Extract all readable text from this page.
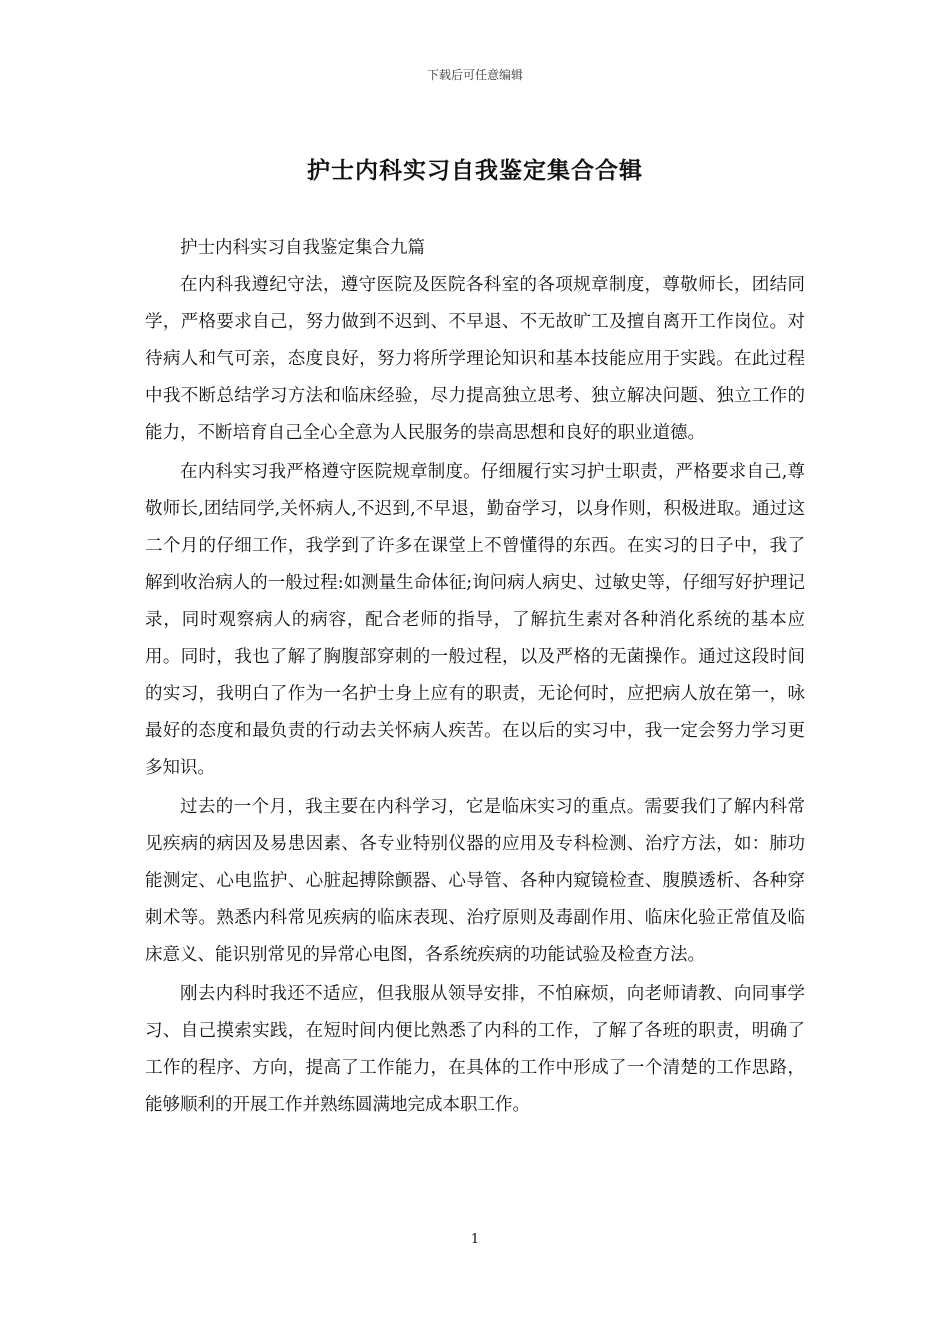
下载后可任意编辑
护士内科实习自我鉴定集合合辑

护士内科实习自我鉴定集合九篇

在内科我遵纪守法，遵守医院及医院各科室的各项规章制度，尊敬师长，团结同学，严格要求自己，努力做到不迟到、不早退、不无故旷工及擅自离开工作岗位。对待病人和气可亲，态度良好，努力将所学理论知识和基本技能应用于实践。在此过程中我不断总结学习方法和临床经验，尽力提高独立思考、独立解决问题、独立工作的能力，不断培育自己全心全意为人民服务的崇高思想和良好的职业道德。

在内科实习我严格遵守医院规章制度。仔细履行实习护士职责，严格要求自己,尊敬师长,团结同学,关怀病人,不迟到,不早退，勤奋学习，以身作则，积极进取。通过这二个月的仔细工作，我学到了许多在课堂上不曾懂得的东西。在实习的日子中，我了解到收治病人的一般过程:如测量生命体征;询问病人病史、过敏史等，仔细写好护理记录，同时观察病人的病容，配合老师的指导，了解抗生素对各种消化系统的基本应用。同时，我也了解了胸腹部穿刺的一般过程，以及严格的无菌操作。通过这段时间的实习，我明白了作为一名护士身上应有的职责，无论何时，应把病人放在第一，咏最好的态度和最负责的行动去关怀病人疾苦。在以后的实习中，我一定会努力学习更多知识。

过去的一个月，我主要在内科学习，它是临床实习的重点。需要我们了解内科常见疾病的病因及易患因素、各专业特别仪器的应用及专科检测、治疗方法，如：肺功能测定、心电监护、心脏起搏除颤器、心导管、各种内窥镜检查、腹膜透析、各种穿刺术等。熟悉内科常见疾病的临床表现、治疗原则及毒副作用、临床化验正常值及临床意义、能识别常见的异常心电图，各系统疾病的功能试验及检查方法。

刚去内科时我还不适应，但我服从领导安排，不怕麻烦，向老师请教、向同事学习、自己摸索实践，在短时间内便比熟悉了内科的工作，了解了各班的职责，明确了工作的程序、方向，提高了工作能力，在具体的工作中形成了一个清楚的工作思路，能够顺利的开展工作并熟练圆满地完成本职工作。

1
